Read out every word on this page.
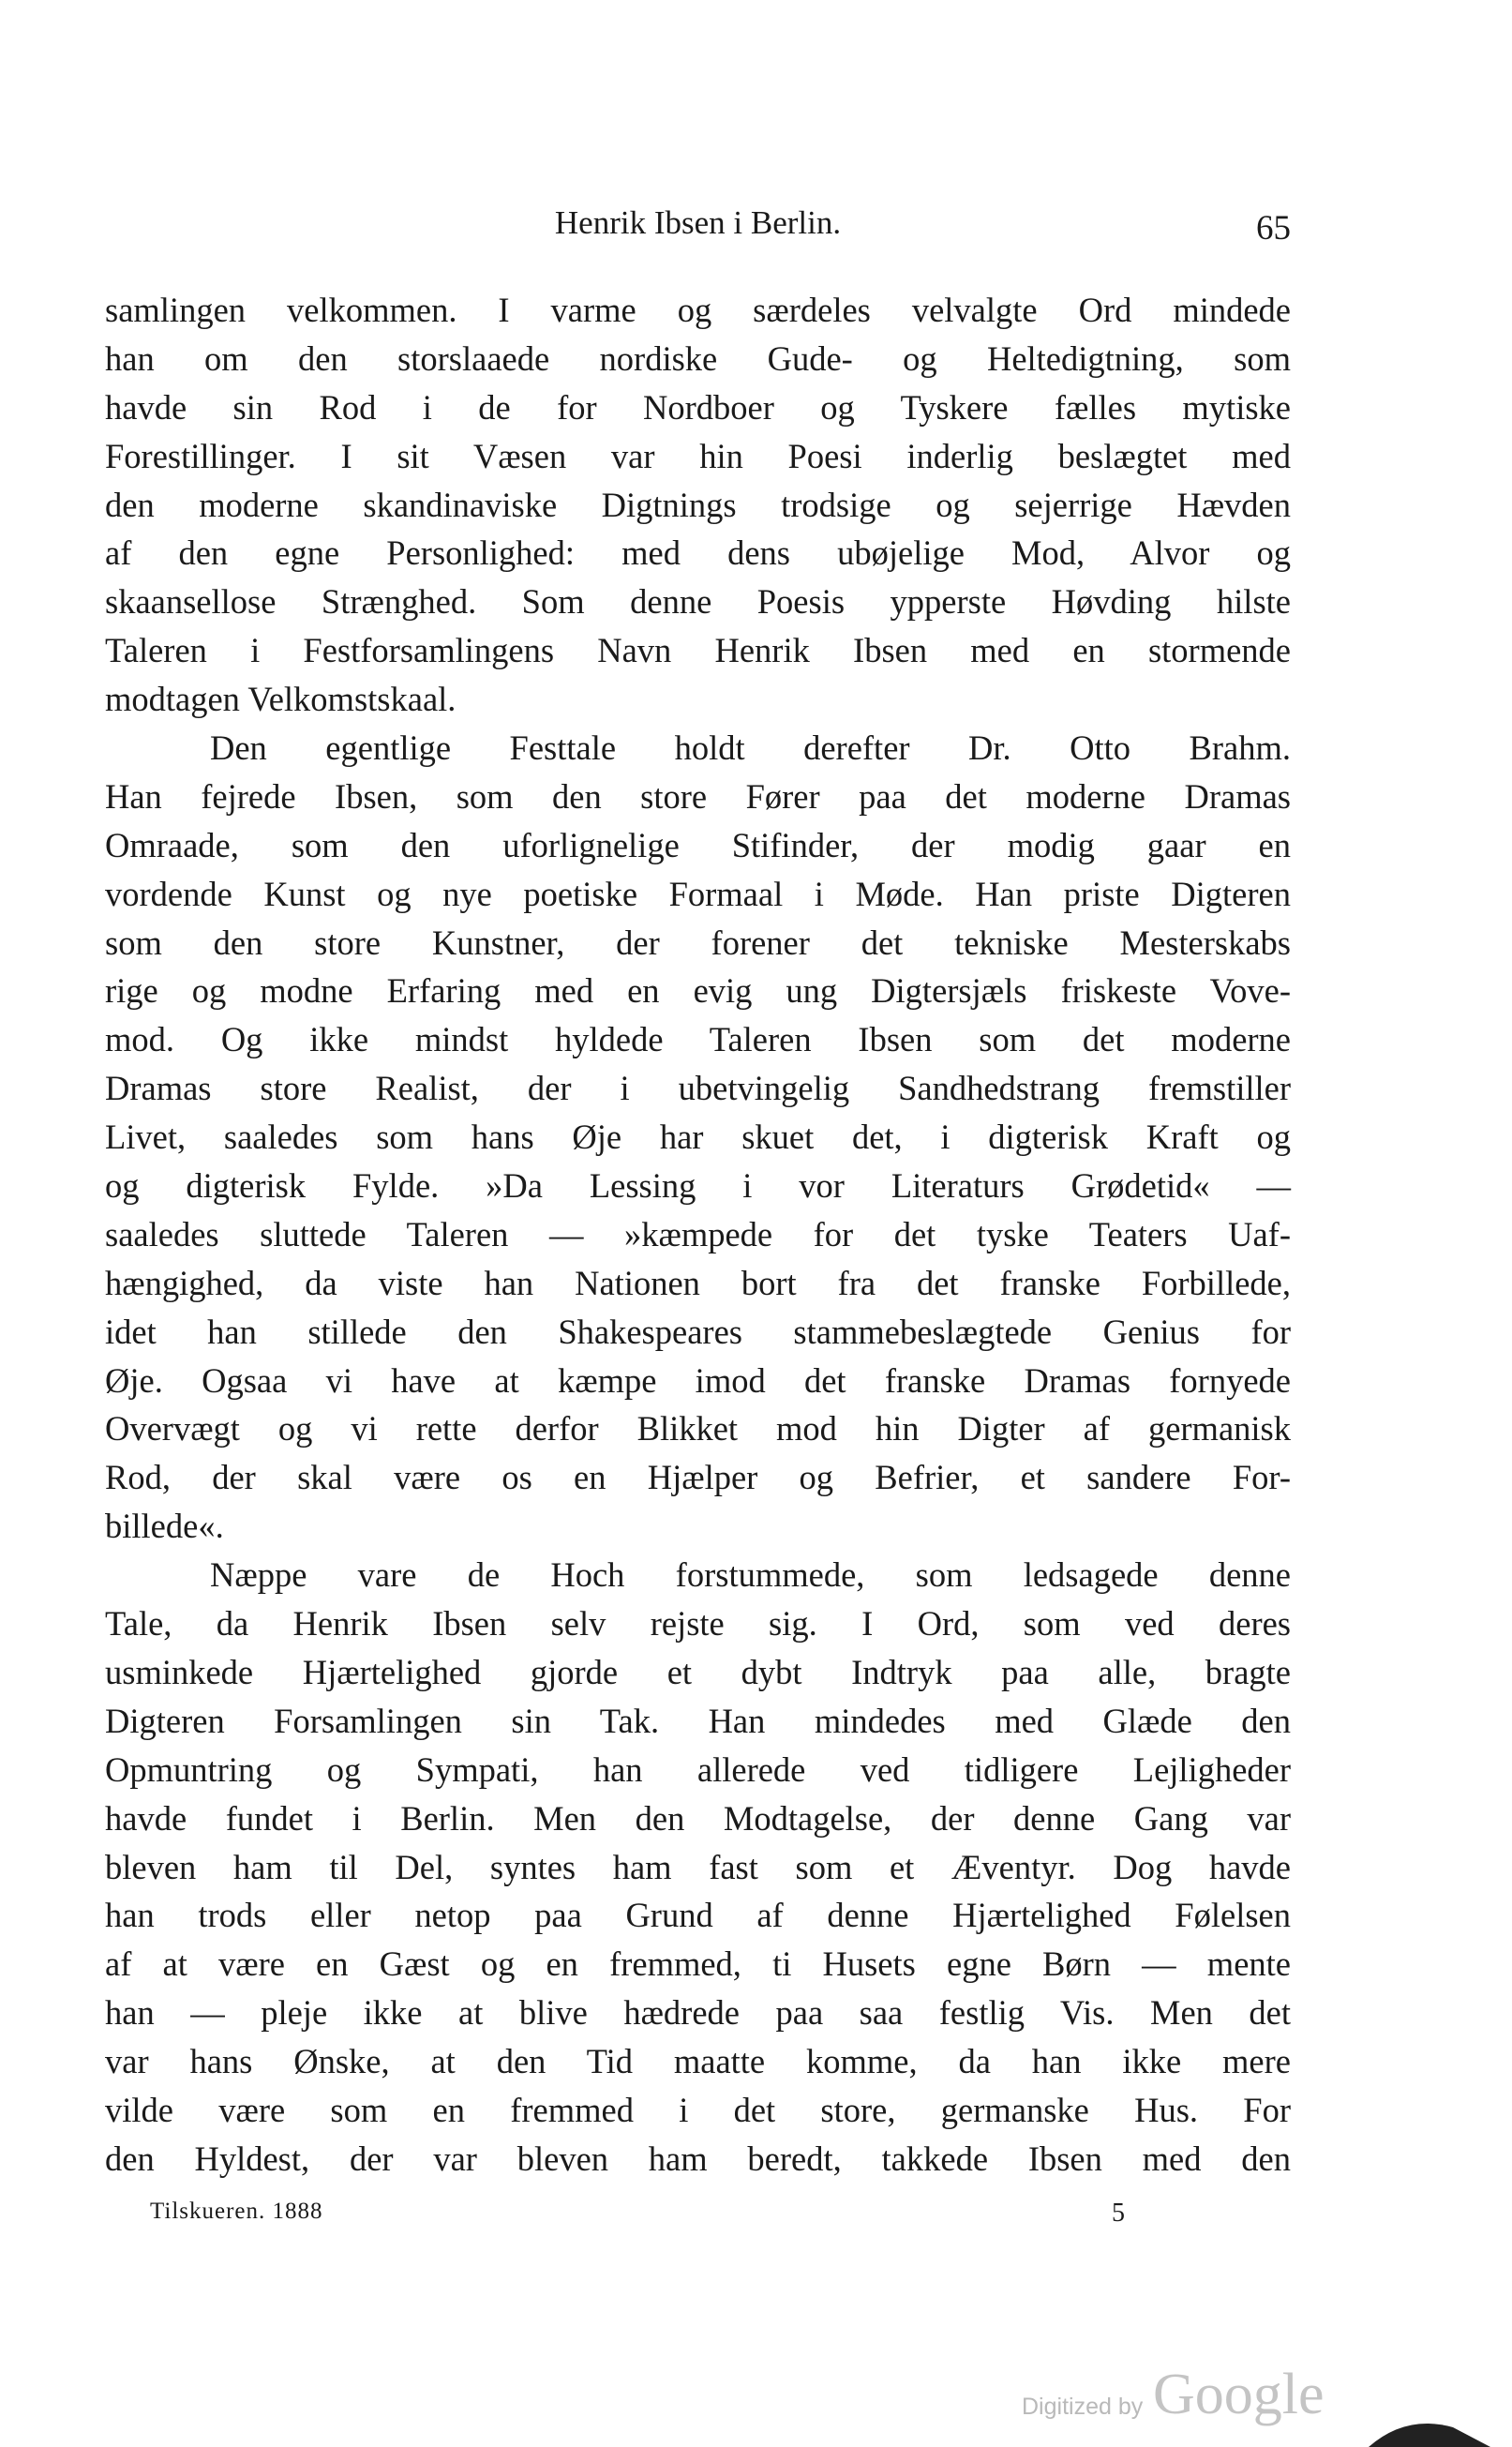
Henrik Ibsen i Berlin.	65
samlingen velkommen. I varme og særdeles velvalgte Ord mindede
han om den storslaaede nordiske Gude- og Heltedigtning, som
havde sin Rod i de for Nordboer og Tyskere fælles mytiske
Forestillinger. I sit Væsen var hin Poesi inderlig beslægtet med
den moderne skandinaviske Digtnings trodsige og sejerrige Hævden
af den egne Personlighed: med dens ubøjelige Mod, Alvor og
skaansellose Strænghed. Som denne Poesis ypperste Høvding hilste
Taleren i Festforsamlingens Navn Henrik Ibsen med en stormende
modtagen Velkomstskaal.
Den egentlige Festtale holdt derefter Dr. Otto Brahm.
Han fejrede Ibsen, som den store Fører paa det moderne Dramas
Omraade, som den uforlignelige Stifinder, der modig gaar en
vordende Kunst og nye poetiske Formaal i Møde. Han priste Digteren
som den store Kunstner, der forener det tekniske Mesterskabs
rige og modne Erfaring med en evig ung Digtersjæls friskeste Vove-
mod. Og ikke mindst hyldede Taleren Ibsen som det moderne
Dramas store Realist, der i ubetvingelig Sandhedstrang fremstiller
Livet, saaledes som hans Øje har skuet det, i digterisk Kraft og
og digterisk Fylde. »Da Lessing i vor Literaturs Grødetid« —
saaledes sluttede Taleren — »kæmpede for det tyske Teaters Uaf-
hængighed, da viste han Nationen bort fra det franske Forbillede,
idet han stillede den Shakespeares stammebeslægtede Genius for
Øje. Ogsaa vi have at kæmpe imod det franske Dramas fornyede
Overvægt og vi rette derfor Blikket mod hin Digter af germanisk
Rod, der skal være os en Hjælper og Befrier, et sandere For-
billede«.
Næppe vare de Hoch forstummede, som ledsagede denne
Tale, da Henrik Ibsen selv rejste sig. I Ord, som ved deres
usminkede Hjærtelighed gjorde et dybt Indtryk paa alle, bragte
Digteren Forsamlingen sin Tak. Han mindedes med Glæde den
Opmuntring og Sympati, han allerede ved tidligere Lejligheder
havde fundet i Berlin. Men den Modtagelse, der denne Gang var
bleven ham til Del, syntes ham fast som et Æventyr. Dog havde
han trods eller netop paa Grund af denne Hjærtelighed Følelsen
af at være en Gæst og en fremmed, ti Husets egne Børn — mente
han — pleje ikke at blive hædrede paa saa festlig Vis. Men det
var hans Ønske, at den Tid maatte komme, da han ikke mere
vilde være som en fremmed i det store, germanske Hus. For
den Hyldest, der var bleven ham beredt, takkede Ibsen med den
Tilskueren. 1888	5
Digitized by Google
